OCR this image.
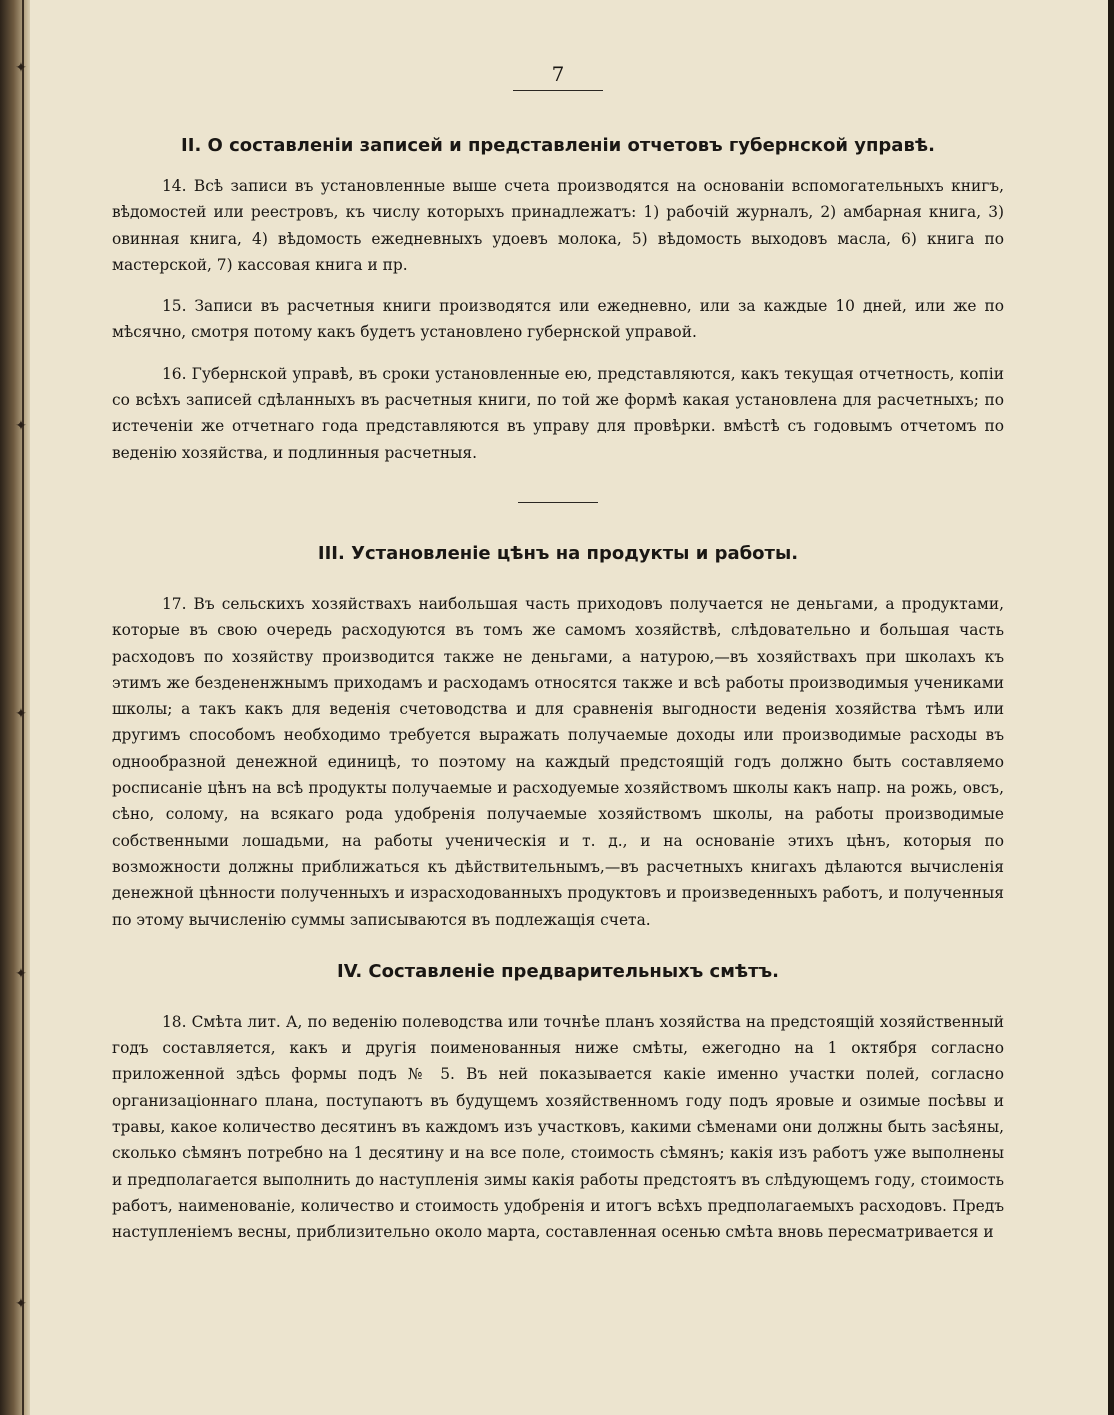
✦
✦
✦
✦
✦
7
II. О составленіи записей и представленіи отчетовъ губернской управѣ.

14. Всѣ записи въ установленные выше счета производятся на основаніи вспомогательныхъ книгъ, вѣдомостей или реестровъ, къ числу которыхъ принадлежатъ: 1) рабочій журналъ, 2) амбарная книга, 3) овинная книга, 4) вѣдомость ежедневныхъ удоевъ молока, 5) вѣдомость выходовъ масла, 6) книга по мастерской, 7) кассовая книга и пр.

15. Записи въ расчетныя книги производятся или ежедневно, или за каждые 10 дней, или же по мѣсячно, смотря потому какъ будетъ установлено губернской управой.

16. Губернской управѣ, въ сроки установленные ею, представляются, какъ текущая отчетность, копіи со всѣхъ записей сдѣланныхъ въ расчетныя книги, по той же формѣ какая установлена для расчетныхъ; по истеченіи же отчетнаго года представляются въ управу для провѣрки. вмѣстѣ съ годовымъ отчетомъ по веденію хозяйства, и подлинныя расчетныя.

III. Установленіе цѣнъ на продукты и работы.

17. Въ сельскихъ хозяйствахъ наибольшая часть приходовъ получается не деньгами, а продуктами, которые въ свою очередь расходуются въ томъ же самомъ хозяйствѣ, слѣдовательно и большая часть расходовъ по хозяйству производится также не деньгами, а натурою,—въ хозяйствахъ при школахъ къ этимъ же бездененжнымъ приходамъ и расходамъ относятся также и всѣ работы производимыя учениками школы; а такъ какъ для веденія счетоводства и для сравненія выгодности веденія хозяйства тѣмъ или другимъ способомъ необходимо требуется выражать получаемые доходы или производимые расходы въ однообразной денежной единицѣ, то поэтому на каждый предстоящій годъ должно быть составляемо росписаніе цѣнъ на всѣ продукты получаемые и расходуемые хозяйствомъ школы какъ напр. на рожь, овсъ, сѣно, солому, на всякаго рода удобренія получаемые хозяйствомъ школы, на работы производимые собственными лошадьми, на работы ученическія и т. д., и на основаніе этихъ цѣнъ, которыя по возможности должны приближаться къ дѣйствительнымъ,—въ расчетныхъ книгахъ дѣлаются вычисленія денежной цѣнности полученныхъ и израсходованныхъ продуктовъ и произведенныхъ работъ, и полученныя по этому вычисленію суммы записываются въ подлежащія счета.

IV. Составленіе предварительныхъ смѣтъ.

18. Смѣта лит. А, по веденію полеводства или точнѣе планъ хозяйства на предстоящій хозяйственный годъ составляется, какъ и другія поименованныя ниже смѣты, ежегодно на 1 октября согласно приложенной здѣсь формы подъ № 5. Въ ней показывается какіе именно участки полей, согласно организаціоннаго плана, поступаютъ въ будущемъ хозяйственномъ году подъ яровые и озимые посѣвы и травы, какое количество десятинъ въ каждомъ изъ участковъ, какими сѣменами они должны быть засѣяны, сколько сѣмянъ потребно на 1 десятину и на все поле, стоимость сѣмянъ; какія изъ работъ уже выполнены и предполагается выполнить до наступленія зимы какія работы предстоятъ въ слѣдующемъ году, стоимость работъ, наименованіе, количество и стоимость удобренія и итогъ всѣхъ предполагаемыхъ расходовъ. Предъ наступленіемъ весны, приблизительно около марта, составленная осенью смѣта вновь пересматривается и
